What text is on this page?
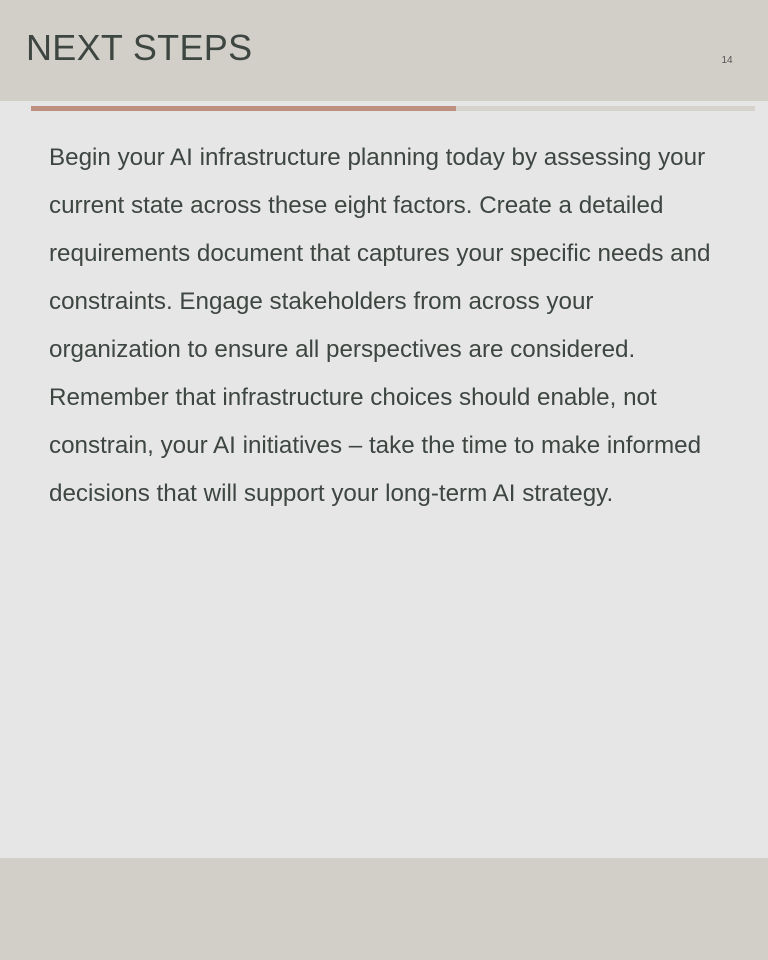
NEXT STEPS	14

Begin your AI infrastructure planning today by assessing your current state across these eight factors. Create a detailed requirements document that captures your specific needs and constraints. Engage stakeholders from across your organization to ensure all perspectives are considered. Remember that infrastructure choices should enable, not constrain, your AI initiatives – take the time to make informed decisions that will support your long-term AI strategy.
